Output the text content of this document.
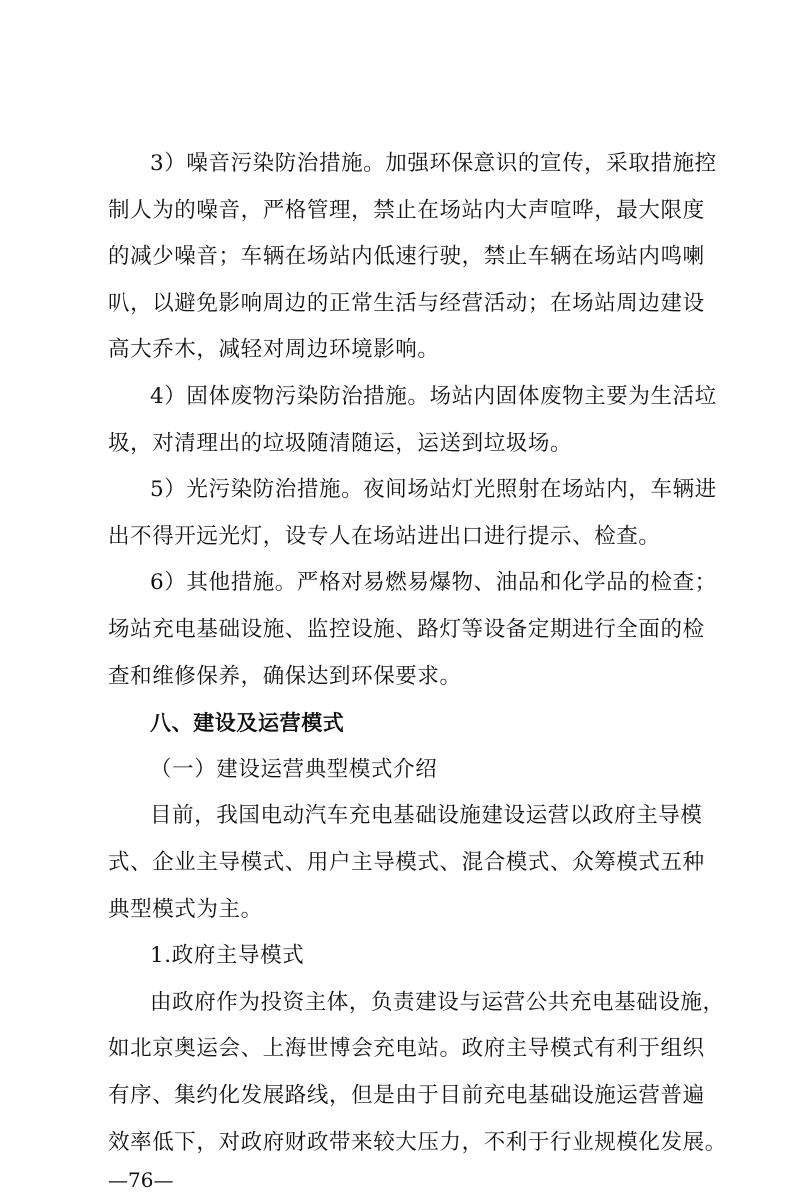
3）噪音污染防治措施。加强环保意识的宣传，采取措施控
制人为的噪音，严格管理，禁止在场站内大声喧哗，最大限度
的减少噪音；车辆在场站内低速行驶，禁止车辆在场站内鸣喇
叭，以避免影响周边的正常生活与经营活动；在场站周边建设
高大乔木，减轻对周边环境影响。
4）固体废物污染防治措施。场站内固体废物主要为生活垃
圾，对清理出的垃圾随清随运，运送到垃圾场。
5）光污染防治措施。夜间场站灯光照射在场站内，车辆进
出不得开远光灯，设专人在场站进出口进行提示、检查。
6）其他措施。严格对易燃易爆物、油品和化学品的检查；
场站充电基础设施、监控设施、路灯等设备定期进行全面的检
查和维修保养，确保达到环保要求。
八、建设及运营模式
（一）建设运营典型模式介绍
目前，我国电动汽车充电基础设施建设运营以政府主导模
式、企业主导模式、用户主导模式、混合模式、众筹模式五种
典型模式为主。
1.政府主导模式
由政府作为投资主体，负责建设与运营公共充电基础设施，
如北京奥运会、上海世博会充电站。政府主导模式有利于组织
有序、集约化发展路线，但是由于目前充电基础设施运营普遍
效率低下，对政府财政带来较大压力，不利于行业规模化发展。
—76—
